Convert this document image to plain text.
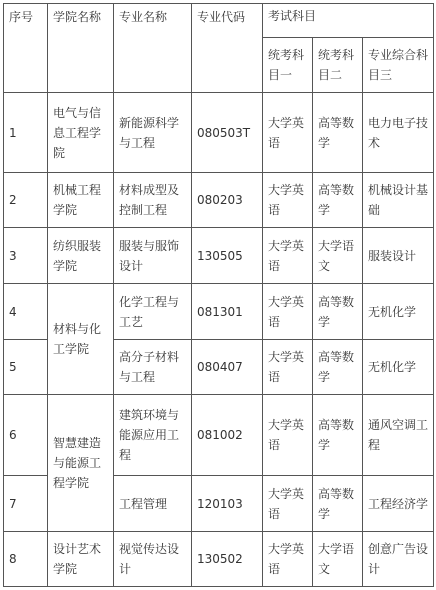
序号	学院名称	专业名称	专业代码	考试科目		
				统考科目一	统考科目二	专业综合科目三
1	电气与信息工程学院	新能源科学与工程	080503T	大学英语	高等数学	电力电子技术
2	机械工程学院	材料成型及控制工程	080203	大学英语	高等数学	机械设计基础
3	纺织服装学院	服装与服饰设计	130505	大学英语	大学语文	服装设计
4	材料与化工学院	化学工程与工艺	081301	大学英语	高等数学	无机化学
5		高分子材料与工程	080407	大学英语	高等数学	无机化学
6	智慧建造与能源工程学院	建筑环境与能源应用工程	081002	大学英语	高等数学	通风空调工程
7		工程管理	120103	大学英语	高等数学	工程经济学
8	设计艺术学院	视觉传达设计	130502	大学英语	大学语文	创意广告设计
